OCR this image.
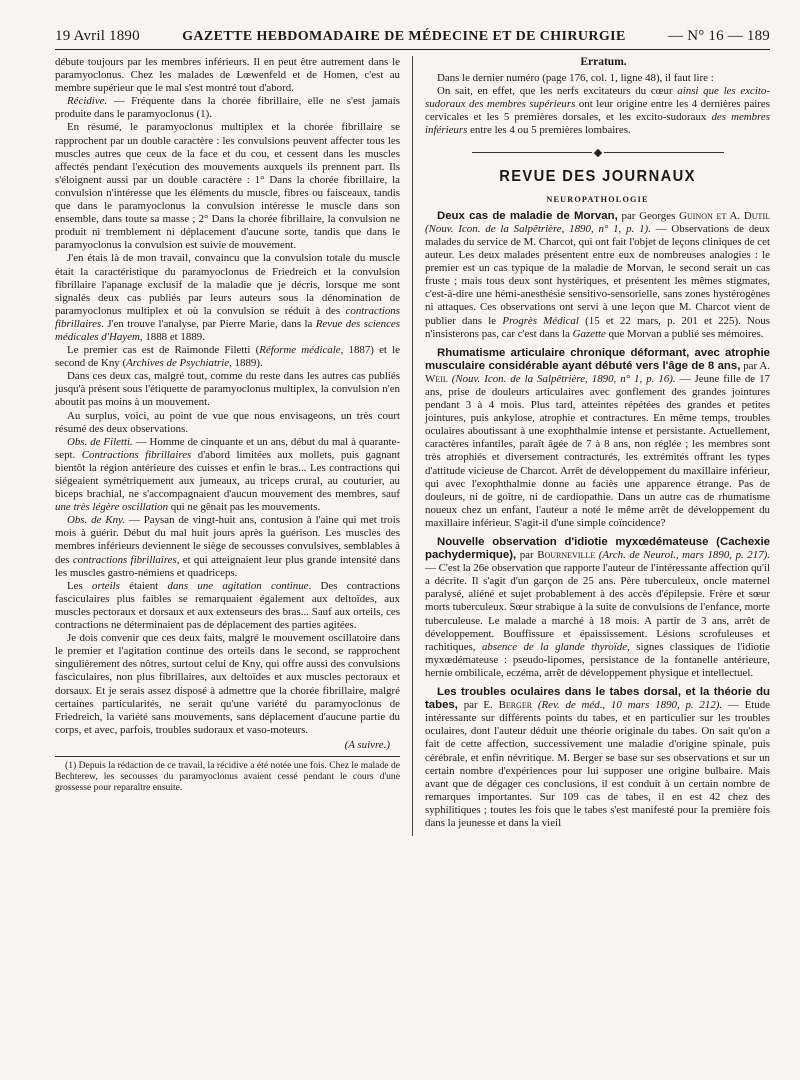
19 Avril 1890	GAZETTE HEBDOMADAIRE DE MÉDECINE ET DE CHIRURGIE	— N° 16 — 189

débute toujours par les membres inférieurs. Il en peut être autrement dans le paramyoclonus. Chez les malades de Lœwenfeld et de Homen, c'est au membre supérieur que le mal s'est montré tout d'abord.

Récidive. — Fréquente dans la chorée fibrillaire, elle ne s'est jamais produite dans le paramyoclonus (1).

En résumé, le paramyoclonus multiplex et la chorée fibrillaire se rapprochent par un double caractère : les convulsions peuvent affecter tous les muscles autres que ceux de la face et du cou, et cessent dans les muscles affectés pendant l'exécution des mouvements auxquels ils prennent part. Ils s'éloignent aussi par un double caractère : 1° Dans la chorée fibrillaire, la convulsion n'intéresse que les éléments du muscle, fibres ou faisceaux, tandis que dans le paramyoclonus la convulsion intéresse le muscle dans son ensemble, dans toute sa masse ; 2° Dans la chorée fibrillaire, la convulsion ne produit ni tremblement ni déplacement d'aucune sorte, tandis que dans le paramyoclonus la convulsion est suivie de mouvement.

J'en étais là de mon travail, convaincu que la convulsion totale du muscle était la caractéristique du paramyoclonus de Friedreich et la convulsion fibrillaire l'apanage exclusif de la maladie que je décris, lorsque me sont signalés deux cas publiés par leurs auteurs sous la dénomination de paramyoclonus multiplex et où la convulsion se réduit à des contractions fibrillaires. J'en trouve l'analyse, par Pierre Marie, dans la Revue des sciences médicales d'Hayem, 1888 et 1889.

Le premier cas est de Raimonde Filetti (Réforme médicale, 1887) et le second de Kny (Archives de Psychiatrie, 1889).

Dans ces deux cas, malgré tout, comme du reste dans les autres cas publiés jusqu'à présent sous l'étiquette de paramyoclonus multiplex, la convulsion n'en aboutit pas moins à un mouvement.

Au surplus, voici, au point de vue que nous envisageons, un très court résumé des deux observations.

Obs. de Filetti. — Homme de cinquante et un ans, début du mal à quarante-sept. Contractions fibrillaires d'abord limitées aux mollets, puis gagnant bientôt la région antérieure des cuisses et enfin le bras... Les contractions qui siégeaient symétriquement aux jumeaux, au triceps crural, au couturier, au biceps brachial, ne s'accompagnaient d'aucun mouvement des membres, sauf une très légère oscillation qui ne gênait pas les mouvements.

Obs. de Kny. — Paysan de vingt-huit ans, contusion à l'aine qui met trois mois à guérir. Début du mal huit jours après la guérison. Les muscles des membres inférieurs deviennent le siège de secousses convulsives, semblables à des contractions fibrillaires, et qui atteignaient leur plus grande intensité dans les muscles gastro-némiens et quadriceps.

Les orteils étaient dans une agitation continue. Des contractions fasciculaires plus faibles se remarquaient également aux deltoïdes, aux muscles pectoraux et dorsaux et aux extenseurs des bras... Sauf aux orteils, ces contractions ne déterminaient pas de déplacement des parties agitées.

Je dois convenir que ces deux faits, malgré le mouvement oscillatoire dans le premier et l'agitation continue des orteils dans le second, se rapprochent singulièrement des nôtres, surtout celui de Kny, qui offre aussi des convulsions fasciculaires, non plus fibrillaires, aux deltoïdes et aux muscles pectoraux et dorsaux. Et je serais assez disposé à admettre que la chorée fibrillaire, malgré certaines particularités, ne serait qu'une variété du paramyoclonus de Friedreich, la variété sans mouvements, sans déplacement d'aucune partie du corps, et avec, parfois, troubles sudoraux et vaso-moteurs.

(A suivre.)

(1) Depuis la rédaction de ce travail, la récidive a été notée une fois. Chez le malade de Bechterew, les secousses du paramyoclonus avaient cessé pendant le cours d'une grossesse pour reparaître ensuite.

Erratum.

Dans le dernier numéro (page 176, col. 1, ligne 48), il faut lire :

On sait, en effet, que les nerfs excitateurs du cœur ainsi que les excito-sudoraux des membres supérieurs ont leur origine entre les 4 dernières paires cervicales et les 5 premières dorsales, et les excito-sudoraux des membres inférieurs entre les 4 ou 5 premières lombaires.

REVUE DES JOURNAUX

NEUROPATHOLOGIE

Deux cas de maladie de Morvan, par Georges Guinon et A. Dutil (Nouv. Icon. de la Salpêtrière, 1890, n° 1, p. 1). — Observations de deux malades du service de M. Charcot, qui ont fait l'objet de leçons cliniques de cet auteur. Les deux malades présentent entre eux de nombreuses analogies : le premier est un cas typique de la maladie de Morvan, le second serait un cas fruste ; mais tous deux sont hystériques, et présentent les mêmes stigmates, c'est-à-dire une hémi-anesthésie sensitivo-sensorielle, sans zones hystérogènes ni attaques. Ces observations ont servi à une leçon que M. Charcot vient de publier dans le Progrès Médical (15 et 22 mars, p. 201 et 225). Nous n'insisterons pas, car c'est dans la Gazette que Morvan a publié ses mémoires.

Rhumatisme articulaire chronique déformant, avec atrophie musculaire considérable ayant débuté vers l'âge de 8 ans, par A. Weil (Nouv. Icon. de la Salpêtrière, 1890, n° 1, p. 16). — Jeune fille de 17 ans, prise de douleurs articulaires avec gonflement des grandes jointures pendant 3 à 4 mois. Plus tard, atteintes répétées des grandes et petites jointures, puis ankylose, atrophie et contractures. En même temps, troubles oculaires aboutissant à une exophthalmie intense et persistante. Actuellement, caractères infantiles, paraît âgée de 7 à 8 ans, non réglée ; les membres sont très atrophiés et diversement contracturés, les extrémités offrant les types d'attitude vicieuse de Charcot. Arrêt de développement du maxillaire inférieur, qui avec l'exophthalmie donne au faciès une apparence étrange. Pas de douleurs, ni de goître, ni de cardiopathie. Dans un autre cas de rhumatisme noueux chez un enfant, l'auteur a noté le même arrêt de développement du maxillaire inférieur. S'agit-il d'une simple coïncidence?

Nouvelle observation d'idiotie myxœdémateuse (Cachexie pachydermique), par Bourneville (Arch. de Neurol., mars 1890, p. 217). — C'est la 26e observation que rapporte l'auteur de l'intéressante affection qu'il a décrite. Il s'agit d'un garçon de 25 ans. Père tuberculeux, oncle maternel paralysé, aliéné et sujet probablement à des accès d'épilepsie. Frère et sœur morts tuberculeux. Sœur strabique à la suite de convulsions de l'enfance, morte tuberculeuse. Le malade a marché à 18 mois. A partir de 3 ans, arrêt de développement. Bouffissure et épaississement. Lésions scrofuleuses et rachitiques, absence de la glande thyroïde, signes classiques de l'idiotie myxœdémateuse : pseudo-lipomes, persistance de la fontanelle antérieure, hernie ombilicale, eczéma, arrêt de développement physique et intellectuel.

Les troubles oculaires dans le tabes dorsal, et la théorie du tabes, par E. Berger (Rev. de méd., 10 mars 1890, p. 212). — Etude intéressante sur différents points du tabes, et en particulier sur les troubles oculaires, dont l'auteur déduit une théorie originale du tabes. On sait qu'on a fait de cette affection, successivement une maladie d'origine spinale, puis cérébrale, et enfin névritique. M. Berger se base sur ses observations et sur un certain nombre d'expériences pour lui supposer une origine bulbaire. Mais avant que de dégager ces conclusions, il est conduit à un certain nombre de remarques importantes. Sur 109 cas de tabes, il en est 42 chez des syphilitiques ; toutes les fois que le tabes s'est manifesté pour la première fois dans la jeunesse et dans la vieil
